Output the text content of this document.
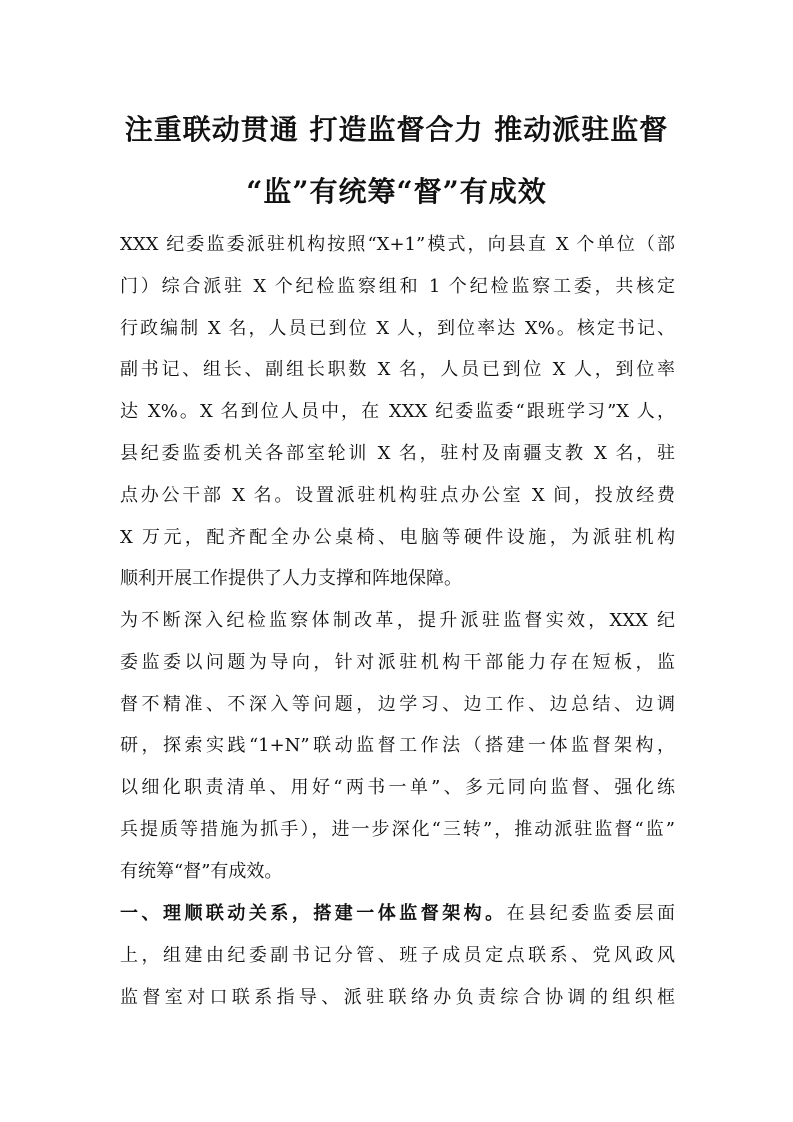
注重联动贯通 打造监督合力 推动派驻监督
“监”有统筹“督”有成效
XXX 纪委监委派驻机构按照“X+1”模式，向县直 X 个单位（部
门）综合派驻 X 个纪检监察组和 1 个纪检监察工委，共核定
行政编制 X 名，人员已到位 X 人，到位率达 X%。核定书记、
副书记、组长、副组长职数 X 名，人员已到位 X 人，到位率
达 X%。X 名到位人员中，在 XXX 纪委监委“跟班学习”X 人，
县纪委监委机关各部室轮训 X 名，驻村及南疆支教 X 名，驻
点办公干部 X 名。设置派驻机构驻点办公室 X 间，投放经费
X 万元，配齐配全办公桌椅、电脑等硬件设施，为派驻机构
顺利开展工作提供了人力支撑和阵地保障。
为不断深入纪检监察体制改革，提升派驻监督实效，XXX 纪
委监委以问题为导向，针对派驻机构干部能力存在短板，监
督不精准、不深入等问题，边学习、边工作、边总结、边调
研，探索实践“1+N”联动监督工作法（搭建一体监督架构，
以细化职责清单、用好“两书一单”、多元同向监督、强化练
兵提质等措施为抓手），进一步深化“三转”，推动派驻监督“监”
有统筹“督”有成效。
一、理顺联动关系，搭建一体监督架构。在县纪委监委层面
上，组建由纪委副书记分管、班子成员定点联系、党风政风
监督室对口联系指导、派驻联络办负责综合协调的组织框
